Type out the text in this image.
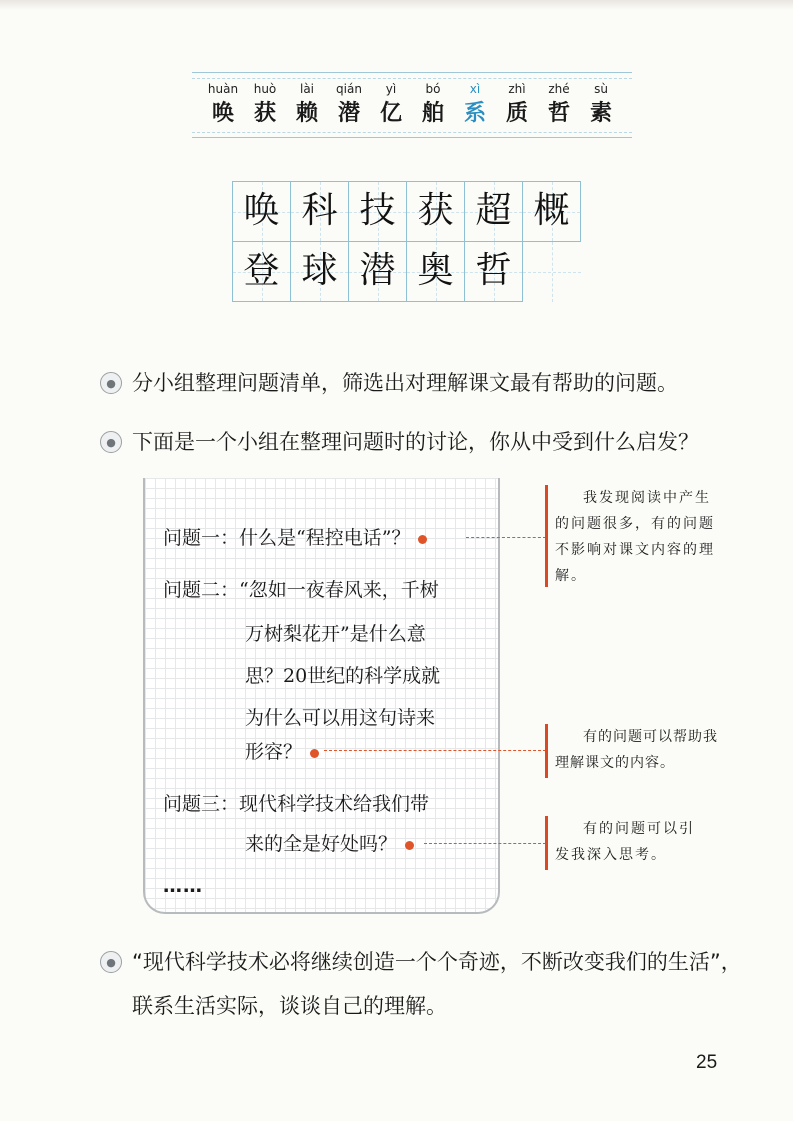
huàn
唤
huò
获
lài
赖
qián
潜
yì
亿
bó
舶
xì
系
zhì
质
zhé
哲
sù
素
唤 科 技 获 超 概
登 球 潜 奥 哲
● 分小组整理问题清单，筛选出对理解课文最有帮助的问题。
● 下面是一个小组在整理问题时的讨论，你从中受到什么启发？
问题一：什么是“程控电话”？
问题二：“忽如一夜春风来，千树
万树梨花开”是什么意
思？20世纪的科学成就
为什么可以用这句诗来
形容？
问题三：现代科学技术给我们带
来的全是好处吗？
……
我发现阅读中产生的问题很多，有的问题不影响对课文内容的理解。
有的问题可以帮助我理解课文的内容。
有的问题可以引发我深入思考。
● “现代科学技术必将继续创造一个个奇迹，不断改变我们的生活”，联系生活实际，谈谈自己的理解。
25
